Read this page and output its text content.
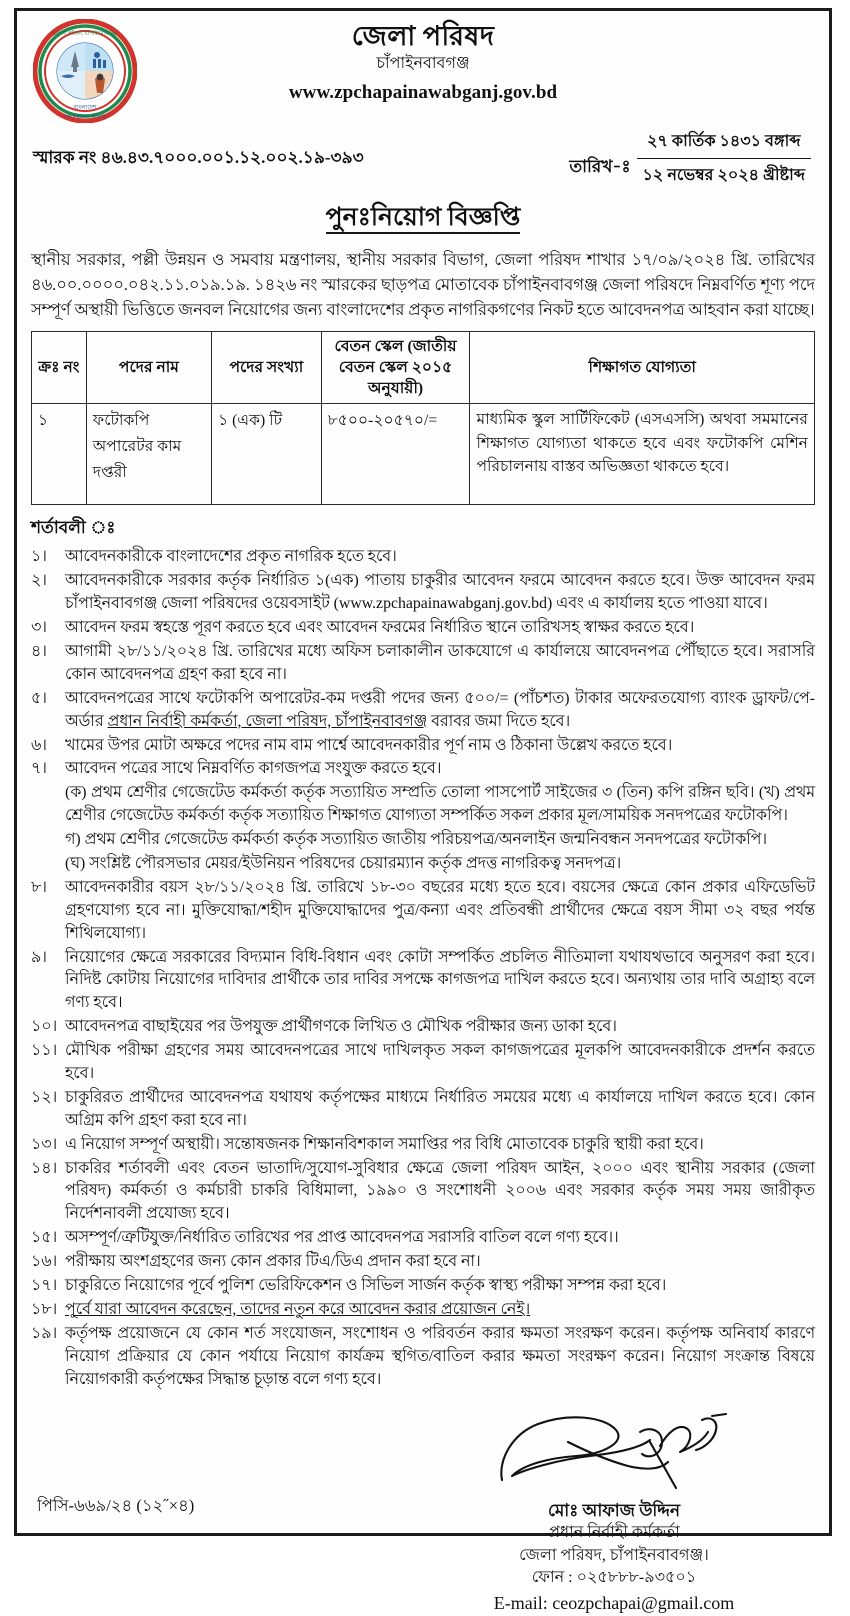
জেলা পরিষদ, চাঁপাইনবাবগঞ্জ
বাংলাদেশ
সেবা • উন্নয়ন • অগ্রগতি
জেলা পরিষদ
চাঁপাইনবাবগঞ্জ
www.zpchapainawabganj.gov.bd
স্মারক নং ৪৬.৪৩.৭০০০.০০১.১২.০০২.১৯-৩৯৩	তারিখ-ঃ
২৭ কার্তিক ১৪৩১ বঙ্গাব্দ
১২ নভেম্বর ২০২৪ খ্রীষ্টাব্দ
পুনঃনিয়োগ বিজ্ঞপ্তি

স্থানীয় সরকার, পল্লী উন্নয়ন ও সমবায় মন্ত্রণালয়, স্থানীয় সরকার বিভাগ, জেলা পরিষদ শাখার ১৭/০৯/২০২৪ খ্রি. তারিখের ৪৬.০০.০০০০.০৪২.১১.০১৯.১৯. ১৪২৬ নং স্মারকের ছাড়পত্র মোতাবেক চাঁপাইনবাবগঞ্জ জেলা পরিষদে নিম্নবর্ণিত শূণ্য পদে সম্পূর্ণ অস্থায়ী ভিত্তিতে জনবল নিয়োগের জন্য বাংলাদেশের প্রকৃত নাগরিকগণের নিকট হতে আবেদনপত্র আহবান করা যাচ্ছে।

ক্রঃ নং	পদের নাম	পদের সংখ্যা	বেতন স্কেল (জাতীয় বেতন স্কেল ২০১৫ অনুযায়ী)	শিক্ষাগত যোগ্যতা
১	ফটোকপি অপারেটর কাম দপ্তরী	১ (এক) টি	৮৫০০-২০৫৭০/=	মাধ্যমিক স্কুল সার্টিফিকেট (এসএসসি) অথবা সমমানের শিক্ষাগত যোগ্যতা থাকতে হবে এবং ফটোকপি মেশিন পরিচালনায় বাস্তব অভিজ্ঞতা থাকতে হবে।
শর্তাবলী ঃ
১।	আবেদনকারীকে বাংলাদেশের প্রকৃত নাগরিক হতে হবে।
২।	আবেদনকারীকে সরকার কর্তৃক নির্ধারিত ১(এক) পাতায় চাকুরীর আবেদন ফরমে আবেদন করতে হবে। উক্ত আবেদন ফরম চাঁপাইনবাবগঞ্জ জেলা পরিষদের ওয়েবসাইট (www.zpchapainawabganj.gov.bd) এবং এ কার্যালয় হতে পাওয়া যাবে।
৩।	আবেদন ফরম স্বহস্তে পূরণ করতে হবে এবং আবেদন ফরমের নির্ধারিত স্থানে তারিখসহ স্বাক্ষর করতে হবে।
৪।	আগামী ২৮/১১/২০২৪ খ্রি. তারিখের মধ্যে অফিস চলাকালীন ডাকযোগে এ কার্যালয়ে আবেদনপত্র পৌঁছাতে হবে। সরাসরি কোন আবেদনপত্র গ্রহণ করা হবে না।
৫।	আবেদনপত্রের সাথে ফটোকপি অপারেটর-কম দপ্তরী পদের জন্য ৫০০/= (পাঁচশত) টাকার অফেরতযোগ্য ব্যাংক ড্রাফট/পে-অর্ডার প্রধান নির্বাহী কর্মকর্তা, জেলা পরিষদ, চাঁপাইনবাবগঞ্জ বরাবর জমা দিতে হবে।
৬।	খামের উপর মোটা অক্ষরে পদের নাম বাম পার্শ্বে আবেদনকারীর পূর্ণ নাম ও ঠিকানা উল্লেখ করতে হবে।
৭।	আবেদন পত্রের সাথে নিম্নবর্ণিত কাগজপত্র সংযুক্ত করতে হবে।
(ক) প্রথম শ্রেণীর গেজেটেড কর্মকর্তা কর্তৃক সত্যায়িত সম্প্রতি তোলা পাসপোর্ট সাইজের ৩ (তিন) কপি রঙ্গিন ছবি। (খ) প্রথম শ্রেণীর গেজেটেড কর্মকর্তা কর্তৃক সত্যায়িত শিক্ষাগত যোগ্যতা সম্পর্কিত সকল প্রকার মূল/সাময়িক সনদপত্রের ফটোকপি।
গ) প্রথম শ্রেণীর গেজেটেড কর্মকর্তা কর্তৃক সত্যায়িত জাতীয় পরিচয়পত্র/অনলাইন জন্মনিবন্ধন সনদপত্রের ফটোকপি।
(ঘ) সংশ্লিষ্ট পৌরসভার মেয়র/ইউনিয়ন পরিষদের চেয়ারম্যান কর্তৃক প্রদত্ত নাগরিকত্ব সনদপত্র।
৮।	আবেদনকারীর বয়স ২৮/১১/২০২৪ খ্রি. তারিখে ১৮-৩০ বছরের মধ্যে হতে হবে। বয়সের ক্ষেত্রে কোন প্রকার এফিডেভিট গ্রহণযোগ্য হবে না। মুক্তিযোদ্ধা/শহীদ মুক্তিযোদ্ধাদের পুত্র/কন্যা এবং প্রতিবন্ধী প্রার্থীদের ক্ষেত্রে বয়স সীমা ৩২ বছর পর্যন্ত শিথিলযোগ্য।
৯।	নিয়োগের ক্ষেত্রে সরকারের বিদ্যমান বিধি-বিধান এবং কোটা সম্পর্কিত প্রচলিত নীতিমালা যথাযথভাবে অনুসরণ করা হবে। নিদিষ্ট কোটায় নিয়োগের দাবিদার প্রার্থীকে তার দাবির সপক্ষে কাগজপত্র দাখিল করতে হবে। অন্যথায় তার দাবি অগ্রাহ্য বলে গণ্য হবে।
১০। আবেদনপত্র বাছাইয়ের পর উপযুক্ত প্রার্থীগণকে লিখিত ও মৌখিক পরীক্ষার জন্য ডাকা হবে।
১১। মৌখিক পরীক্ষা গ্রহণের সময় আবেদনপত্রের সাথে দাখিলকৃত সকল কাগজপত্রের মূলকপি আবেদনকারীকে প্রদর্শন করতে হবে।
১২। চাকুরিরত প্রার্থীদের আবেদনপত্র যথাযথ কর্তৃপক্ষের মাধ্যমে নির্ধারিত সময়ের মধ্যে এ কার্যালয়ে দাখিল করতে হবে। কোন অগ্রিম কপি গ্রহণ করা হবে না।
১৩। এ নিয়োগ সম্পূর্ণ অস্থায়ী। সন্তোষজনক শিক্ষানবিশকাল সমাপ্তির পর বিধি মোতাবেক চাকুরি স্থায়ী করা হবে।
১৪। চাকরির শর্তাবলী এবং বেতন ভাতাদি/সুযোগ-সুবিধার ক্ষেত্রে জেলা পরিষদ আইন, ২০০০ এবং স্থানীয় সরকার (জেলা পরিষদ) কর্মকর্তা ও কর্মচারী চাকরি বিধিমালা, ১৯৯০ ও সংশোধনী ২০০৬ এবং সরকার কর্তৃক সময় সময় জারীকৃত নির্দেশনাবলী প্রযোজ্য হবে।
১৫। অসম্পূর্ণ/ত্রুটিযুক্ত/নির্ধারিত তারিখের পর প্রাপ্ত আবেদনপত্র সরাসরি বাতিল বলে গণ্য হবে।।
১৬। পরীক্ষায় অংশগ্রহণের জন্য কোন প্রকার টিএ/ডিএ প্রদান করা হবে না।
১৭। চাকুরিতে নিয়োগের পূর্বে পুলিশ ভেরিফিকেশন ও সিভিল সার্জন কর্তৃক স্বাস্থ্য পরীক্ষা সম্পন্ন করা হবে।
১৮। পূর্বে যারা আবেদন করেছেন, তাদের নতুন করে আবেদন করার প্রয়োজন নেই।
১৯। কর্তৃপক্ষ প্রয়োজনে যে কোন শর্ত সংযোজন, সংশোধন ও পরিবর্তন করার ক্ষমতা সংরক্ষণ করেন। কর্তৃপক্ষ অনিবার্য কারণে নিয়োগ প্রক্রিয়ার যে কোন পর্যায়ে নিয়োগ কার্যক্রম স্থগিত/বাতিল করার ক্ষমতা সংরক্ষণ করেন। নিয়োগ সংক্রান্ত বিষয়ে নিয়োগকারী কর্তৃপক্ষের সিদ্ধান্ত চূড়ান্ত বলে গণ্য হবে।
পিসি-৬৬৯/২৪ (১২˝×৪)	মোঃ আফাজ উদ্দিন
প্রধান নির্বাহী কর্মকর্তা
জেলা পরিষদ, চাঁপাইনবাবগঞ্জ।
ফোন : ০২৫৮৮৮-৯৩৫০১
E-mail: ceozpchapai@gmail.com
